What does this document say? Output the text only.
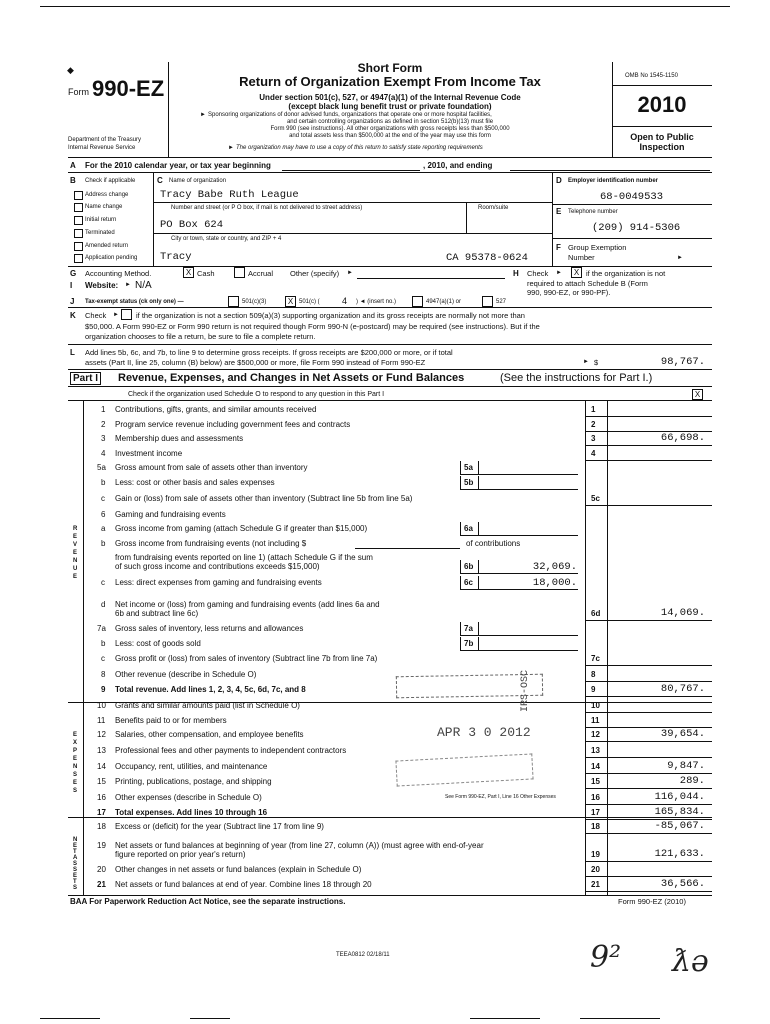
◆
Form 990-EZ
Department of the Treasury
Internal Revenue Service
Short Form
Return of Organization Exempt From Income Tax
Under section 501(c), 527, or 4947(a)(1) of the Internal Revenue Code
(except black lung benefit trust or private foundation)
► Sponsoring organizations of donor advised funds, organizations that operate one or more hospital facilities,
and certain controlling organizations as defined in section 512(b)(13) must file
Form 990 (see instructions). All other organizations with gross receipts less than $500,000
and total assets less than $500,000 at the end of the year may use this form
► The organization may have to use a copy of this return to satisfy state reporting requirements
OMB No 1545-1150
2010
Open to Public
Inspection
A For the 2010 calendar year, or tax year beginning	, 2010, and ending
B Check if applicable
Address change
Name change
Initial return
Terminated
Amended return
Application pending
C Name of organization
Tracy Babe Ruth League
Number and street (or P O box, if mail is not delivered to street address)	Room/suite
PO Box 624
City or town, state or country, and ZIP + 4
Tracy	CA 95378-0624
D Employer identification number
68-0049533
E Telephone number
(209) 914-5306
F Group Exemption
Number	►
G Accounting Method.	X Cash	Accrual Other (specify) ►	H Check ►	X if the organization is not
required to attach Schedule B (Form
990, 990-EZ, or 990-PF).
I Website: ► N/A
J Tax-exempt status (ck only one) —	501(c)(3)	X 501(c) ( 4 ) ◄ (insert no.)	4947(a)(1) or	527
K Check ► if the organization is not a section 509(a)(3) supporting organization and its gross receipts are normally not more than
$50,000. A Form 990-EZ or Form 990 return is not required though Form 990-N (e-postcard) may be required (see instructions). But if the
organization chooses to file a return, be sure to file a complete return.
L Add lines 5b, 6c, and 7b, to line 9 to determine gross receipts. If gross receipts are $200,000 or more, or if total
assets (Part II, line 25, column (B) below) are $500,000 or more, file Form 990 instead of Form 990-EZ	► $	98,767.
Part I Revenue, Expenses, and Changes in Net Assets or Fund Balances	(See the instructions for Part I.)
Check if the organization used Schedule O to respond to any question in this Part I	X
REVENUE
EXPENSES
NET ASSETS
1 Contributions, gifts, grants, and similar amounts received	1
2 Program service revenue including government fees and contracts	2
3 Membership dues and assessments	3	66,698.
4 Investment income	4
5a Gross amount from sale of assets other than inventory	5a
b Less: cost or other basis and sales expenses	5b
c Gain or (loss) from sale of assets other than inventory (Subtract line 5b from line 5a)	5c
6 Gaming and fundraising events
a Gross income from gaming (attach Schedule G if greater than $15,000)	6a
b Gross income from fundraising events (not including $	of contributions
from fundraising events reported on line 1) (attach Schedule G if the sum
of such gross income and contributions exceeds $15,000)	6b	32,069.
c Less: direct expenses from gaming and fundraising events	6c	18,000.
d Net income or (loss) from gaming and fundraising events (add lines 6a and
6b and subtract line 6c)	6d	14,069.
7a Gross sales of inventory, less returns and allowances	7a
b Less: cost of goods sold	7b
c Gross profit or (loss) from sales of inventory (Subtract line 7b from line 7a)	7c
8 Other revenue (describe in Schedule O)	8
9 Total revenue. Add lines 1, 2, 3, 4, 5c, 6d, 7c, and 8	9	80,767.
10 Grants and similar amounts paid (list in Schedule O)	10
11 Benefits paid to or for members	11
12 Salaries, other compensation, and employee benefits	12	39,654.
13 Professional fees and other payments to independent contractors	13
14 Occupancy, rent, utilities, and maintenance	14	9,847.
15 Printing, publications, postage, and shipping	15	289.
16 Other expenses (describe in Schedule O)	See Form 990-EZ, Part I, Line 16 Other Expenses	16	116,044.
17 Total expenses. Add lines 10 through 16	17	165,834.
18 Excess or (deficit) for the year (Subtract line 17 from line 9)	18	-85,067.
19 Net assets or fund balances at beginning of year (from line 27, column (A)) (must agree with end-of-year
figure reported on prior year's return)	19	121,633.
20 Other changes in net assets or fund balances (explain in Schedule O)	20
21 Net assets or fund balances at end of year. Combine lines 18 through 20	21	36,566.
APR 3 0 2012
IRS-OSC
BAA For Paperwork Reduction Act Notice, see the separate instructions.	Form 990-EZ (2010)
TEEA0812 02/18/11	9² ƛə
